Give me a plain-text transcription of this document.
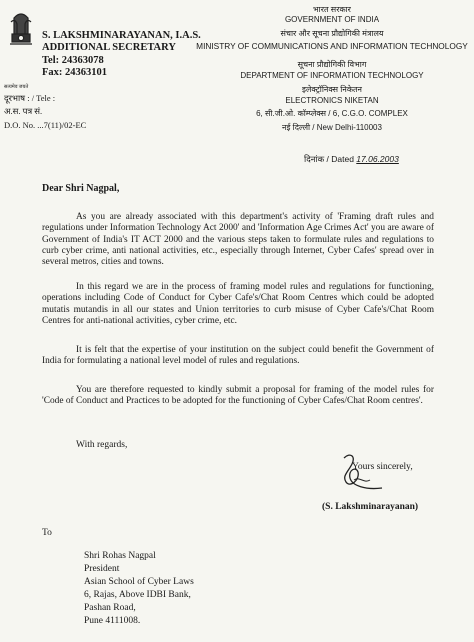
सत्यमेव जयते
S. LAKSHMINARAYANAN, I.A.S.
ADDITIONAL SECRETARY
Tel: 24363078
Fax: 24363101
दूरभाष : / Tele :
अ.स. पत्र सं.
D.O. No. ...7(11)/02-EC
भारत सरकार
GOVERNMENT OF INDIA
संचार और सूचना प्रौद्योगिकी मंत्रालय
MINISTRY OF COMMUNICATIONS AND INFORMATION TECHNOLOGY
सूचना प्रौद्योगिकी विभाग
DEPARTMENT OF INFORMATION TECHNOLOGY
इलेक्ट्रॉनिक्स निकेतन
ELECTRONICS NIKETAN
6, सी.जी.ओ. कॉम्प्लेक्स / 6, C.G.O. COMPLEX
नई दिल्ली / New Delhi-110003
दिनांक / Dated 17.06.2003
Dear Shri Nagpal,

As you are already associated with this department's activity of 'Framing draft rules and regulations under Information Technology Act 2000' and 'Information Age Crimes Act' you are aware of Government of India's IT ACT 2000 and the various steps taken to formulate rules and regulations to curb cyber crime, anti national activities, etc., especially through Internet, Cyber Cafes' spread over in several metros, cities and towns.

In this regard we are in the process of framing model rules and regulations for functioning, operations including Code of Conduct for Cyber Cafe's/Chat Room Centres which could be adopted mutatis mutandis in all our states and Union territories to curb misuse of Cyber Cafe's/Chat Room Centres for anti-national activities, cyber crime, etc.

It is felt that the expertise of your institution on the subject could benefit the Government of India for formulating a national level model of rules and regulations.

You are therefore requested to kindly submit a proposal for framing of the model rules for 'Code of Conduct and Practices to be adopted for the functioning of Cyber Cafes/Chat Room centres'.

With regards,
Yours sincerely,
(S. Lakshminarayanan)
To
Shri Rohas Nagpal
President
Asian School of Cyber Laws
6, Rajas, Above IDBI Bank,
Pashan Road,
Pune 4111008.
